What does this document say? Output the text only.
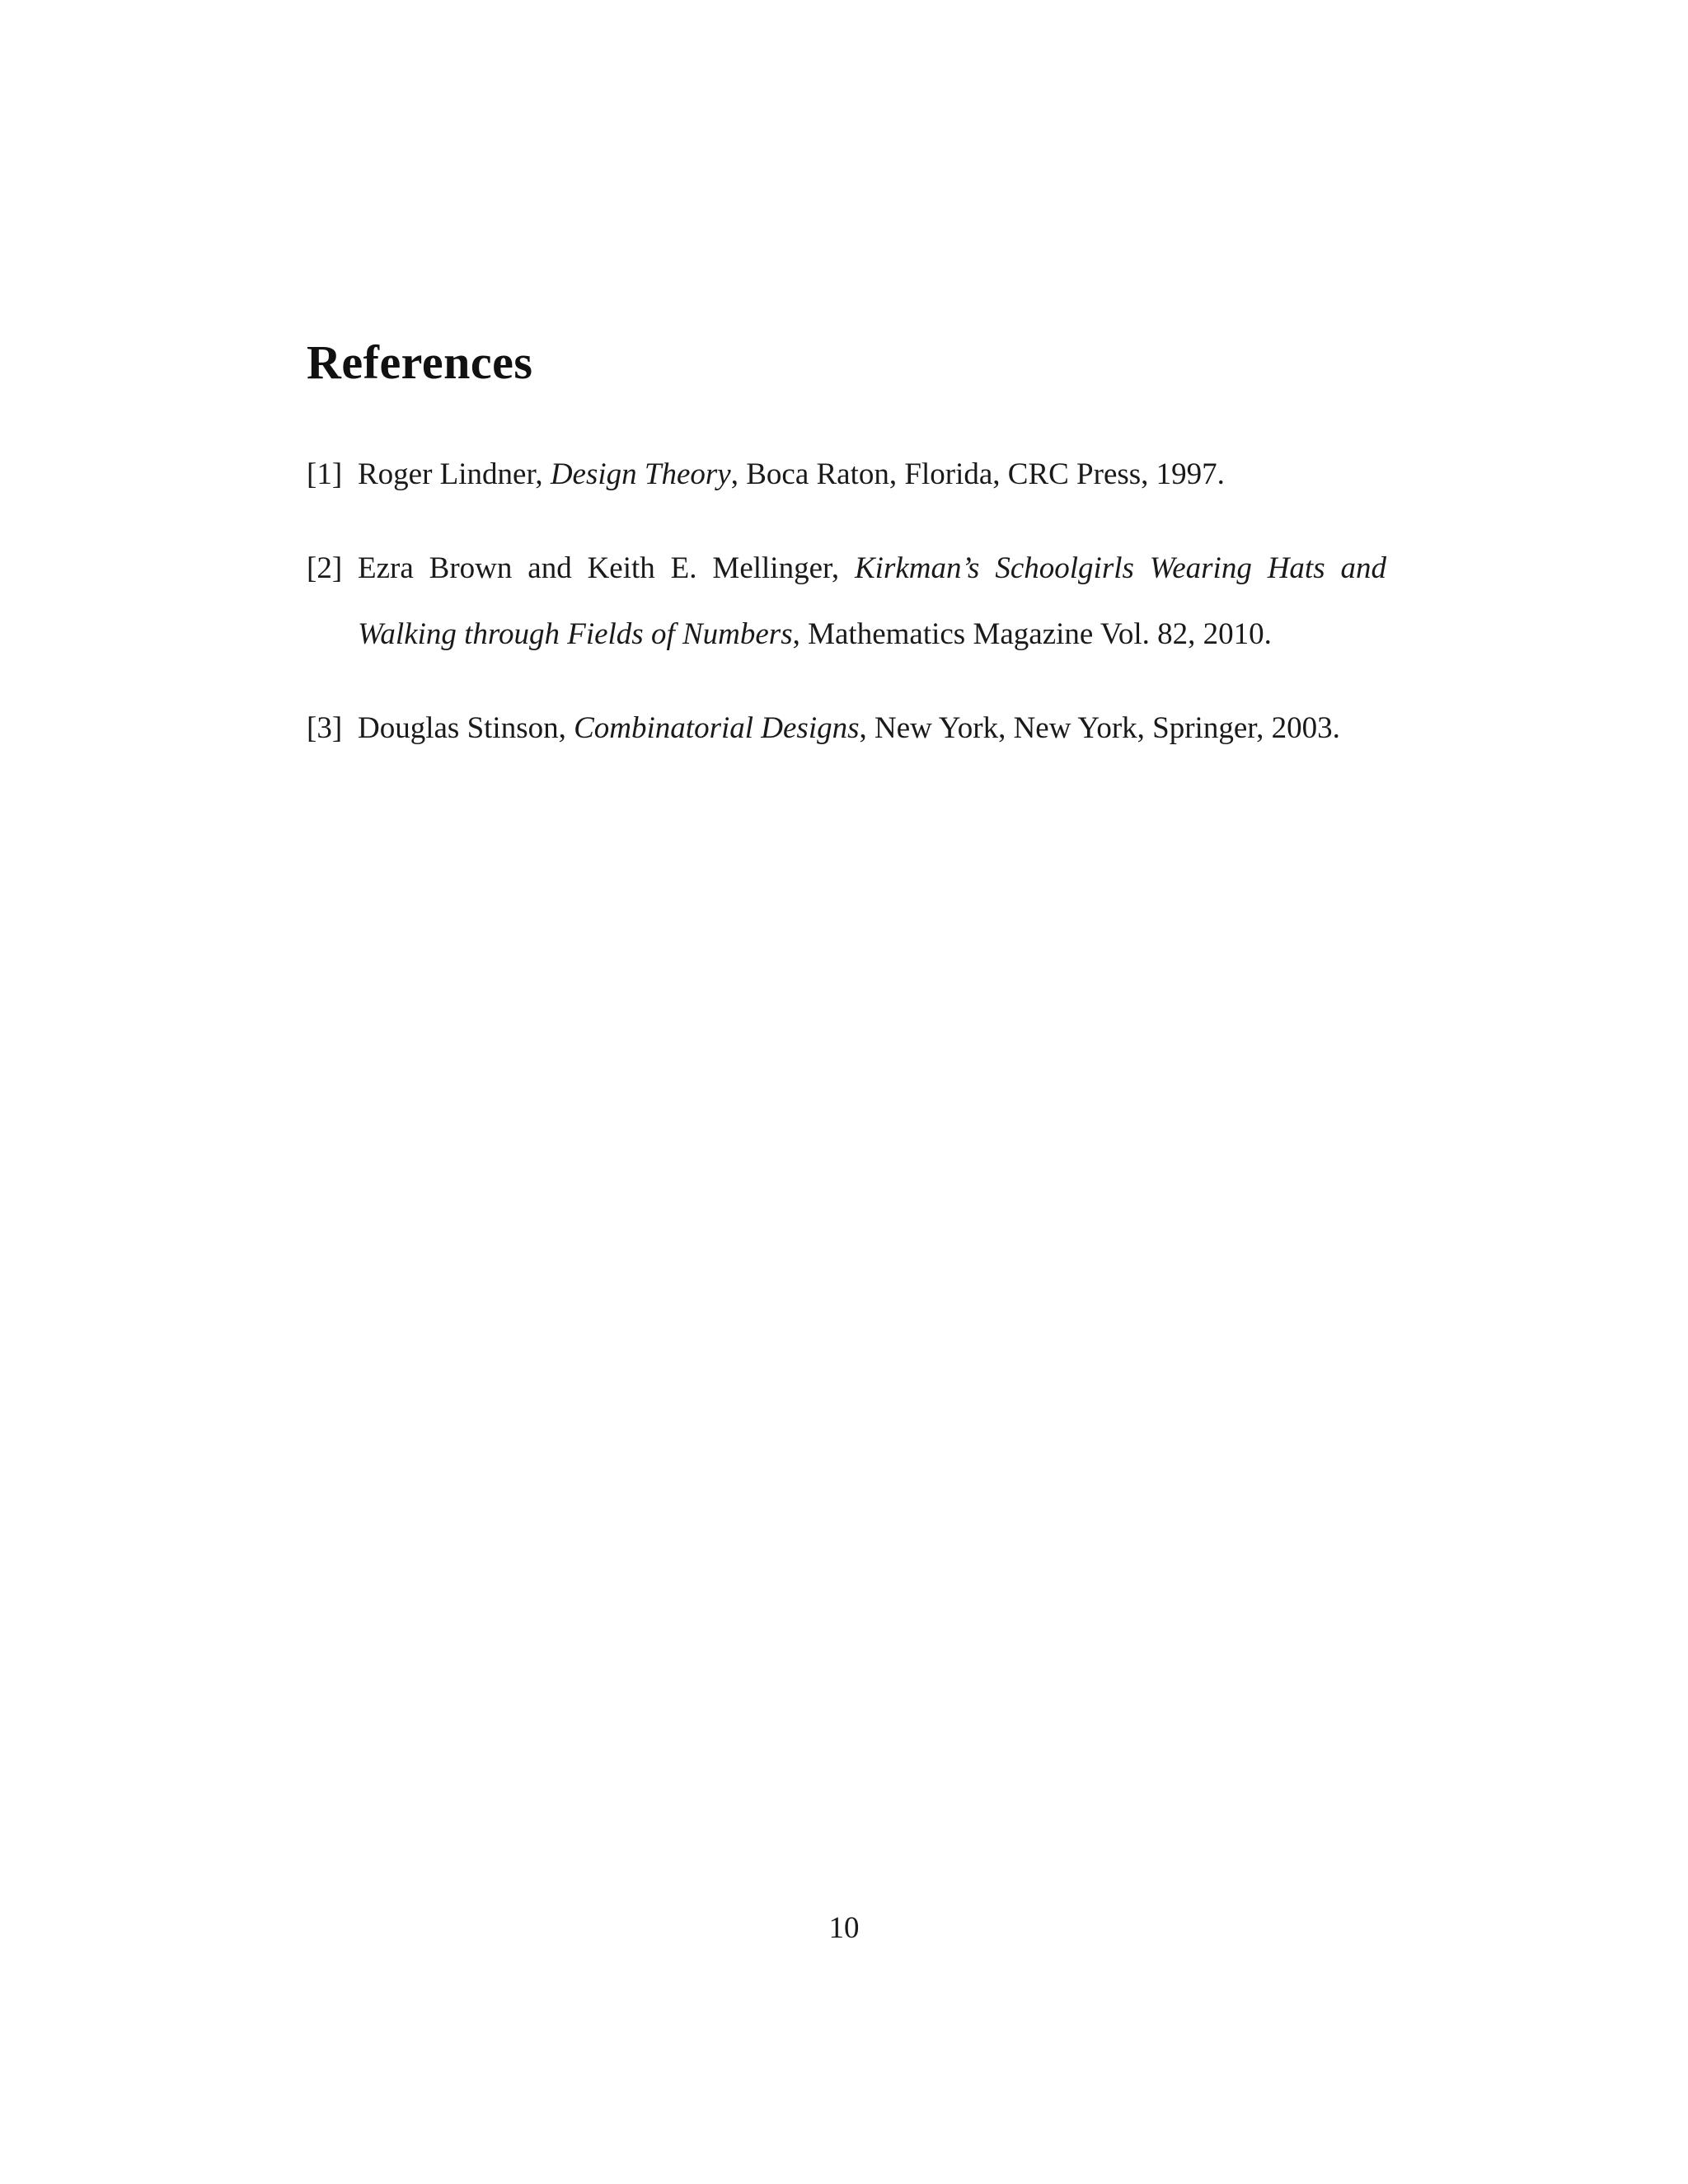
References
[1] Roger Lindner, Design Theory, Boca Raton, Florida, CRC Press, 1997.
[2] Ezra Brown and Keith E. Mellinger, Kirkman’s Schoolgirls Wearing Hats and Walking through Fields of Numbers, Mathematics Magazine Vol. 82, 2010.
[3] Douglas Stinson, Combinatorial Designs, New York, New York, Springer, 2003.
10
